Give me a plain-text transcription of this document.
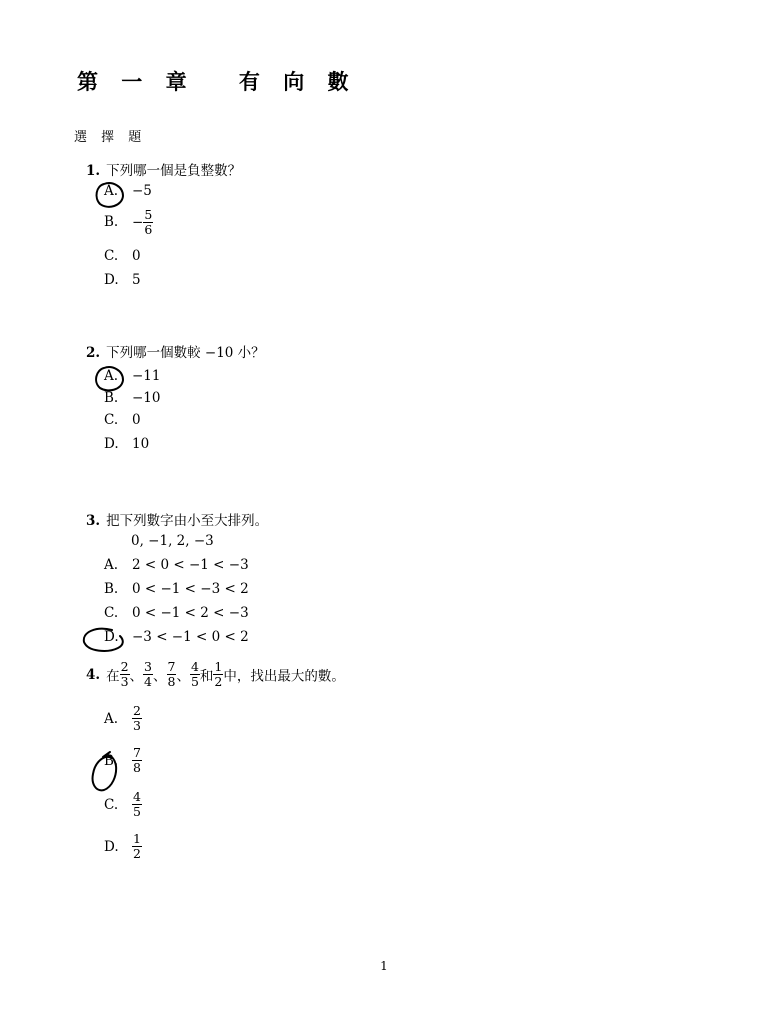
第 一 章　 有 向 數
選 擇 題
1. 下列哪一個是負整數？
A. −5
B. − $\frac{5}{6}$
C. 0
D. 5
2. 下列哪一個數較 −10 小？
A. −11
B. −10
C. 0
D. 10
3. 把下列數字由小至大排列。
0, −1, 2, −3
A. 2 < 0 < −1 < −3
B. 0 < −1 < −3 < 2
C. 0 < −1 < 2 < −3
D. −3 < −1 < 0 < 2
4. 在 $\frac{2}{3}$ 、 $\frac{3}{4}$ 、 $\frac{7}{8}$ 、 $\frac{4}{5}$ 和 $\frac{1}{2}$ 中，找出最大的數。
A. $\frac{2}{3}$
B. $\frac{7}{8}$
C. $\frac{4}{5}$
D. $\frac{1}{2}$
1
